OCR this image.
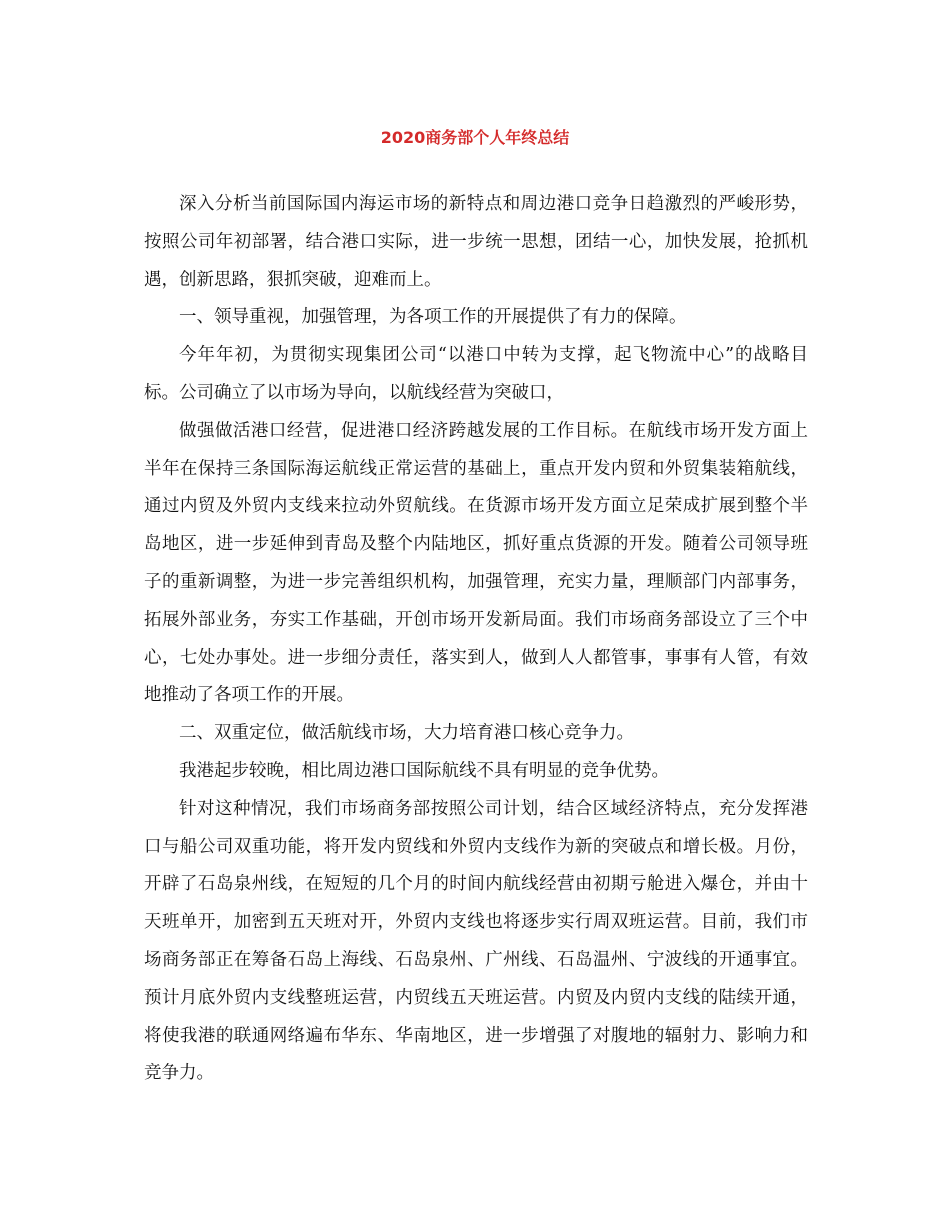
2020商务部个人年终总结

深入分析当前国际国内海运市场的新特点和周边港口竞争日趋激烈的严峻形势，按照公司年初部署，结合港口实际，进一步统一思想，团结一心，加快发展，抢抓机遇，创新思路，狠抓突破，迎难而上。

一、领导重视，加强管理，为各项工作的开展提供了有力的保障。

今年年初，为贯彻实现集团公司“以港口中转为支撑，起飞物流中心”的战略目标。公司确立了以市场为导向，以航线经营为突破口，

做强做活港口经营，促进港口经济跨越发展的工作目标。在航线市场开发方面上半年在保持三条国际海运航线正常运营的基础上，重点开发内贸和外贸集装箱航线，通过内贸及外贸内支线来拉动外贸航线。在货源市场开发方面立足荣成扩展到整个半岛地区，进一步延伸到青岛及整个内陆地区，抓好重点货源的开发。随着公司领导班子的重新调整，为进一步完善组织机构，加强管理，充实力量，理顺部门内部事务，拓展外部业务，夯实工作基础，开创市场开发新局面。我们市场商务部设立了三个中心，七处办事处。进一步细分责任，落实到人，做到人人都管事，事事有人管，有效地推动了各项工作的开展。

二、双重定位，做活航线市场，大力培育港口核心竞争力。

我港起步较晚，相比周边港口国际航线不具有明显的竞争优势。

针对这种情况，我们市场商务部按照公司计划，结合区域经济特点，充分发挥港口与船公司双重功能，将开发内贸线和外贸内支线作为新的突破点和增长极。月份，开辟了石岛泉州线，在短短的几个月的时间内航线经营由初期亏舱进入爆仓，并由十天班单开，加密到五天班对开，外贸内支线也将逐步实行周双班运营。目前，我们市场商务部正在筹备石岛上海线、石岛泉州、广州线、石岛温州、宁波线的开通事宜。预计月底外贸内支线整班运营，内贸线五天班运营。内贸及内贸内支线的陆续开通，将使我港的联通网络遍布华东、华南地区，进一步增强了对腹地的辐射力、影响力和竞争力。
